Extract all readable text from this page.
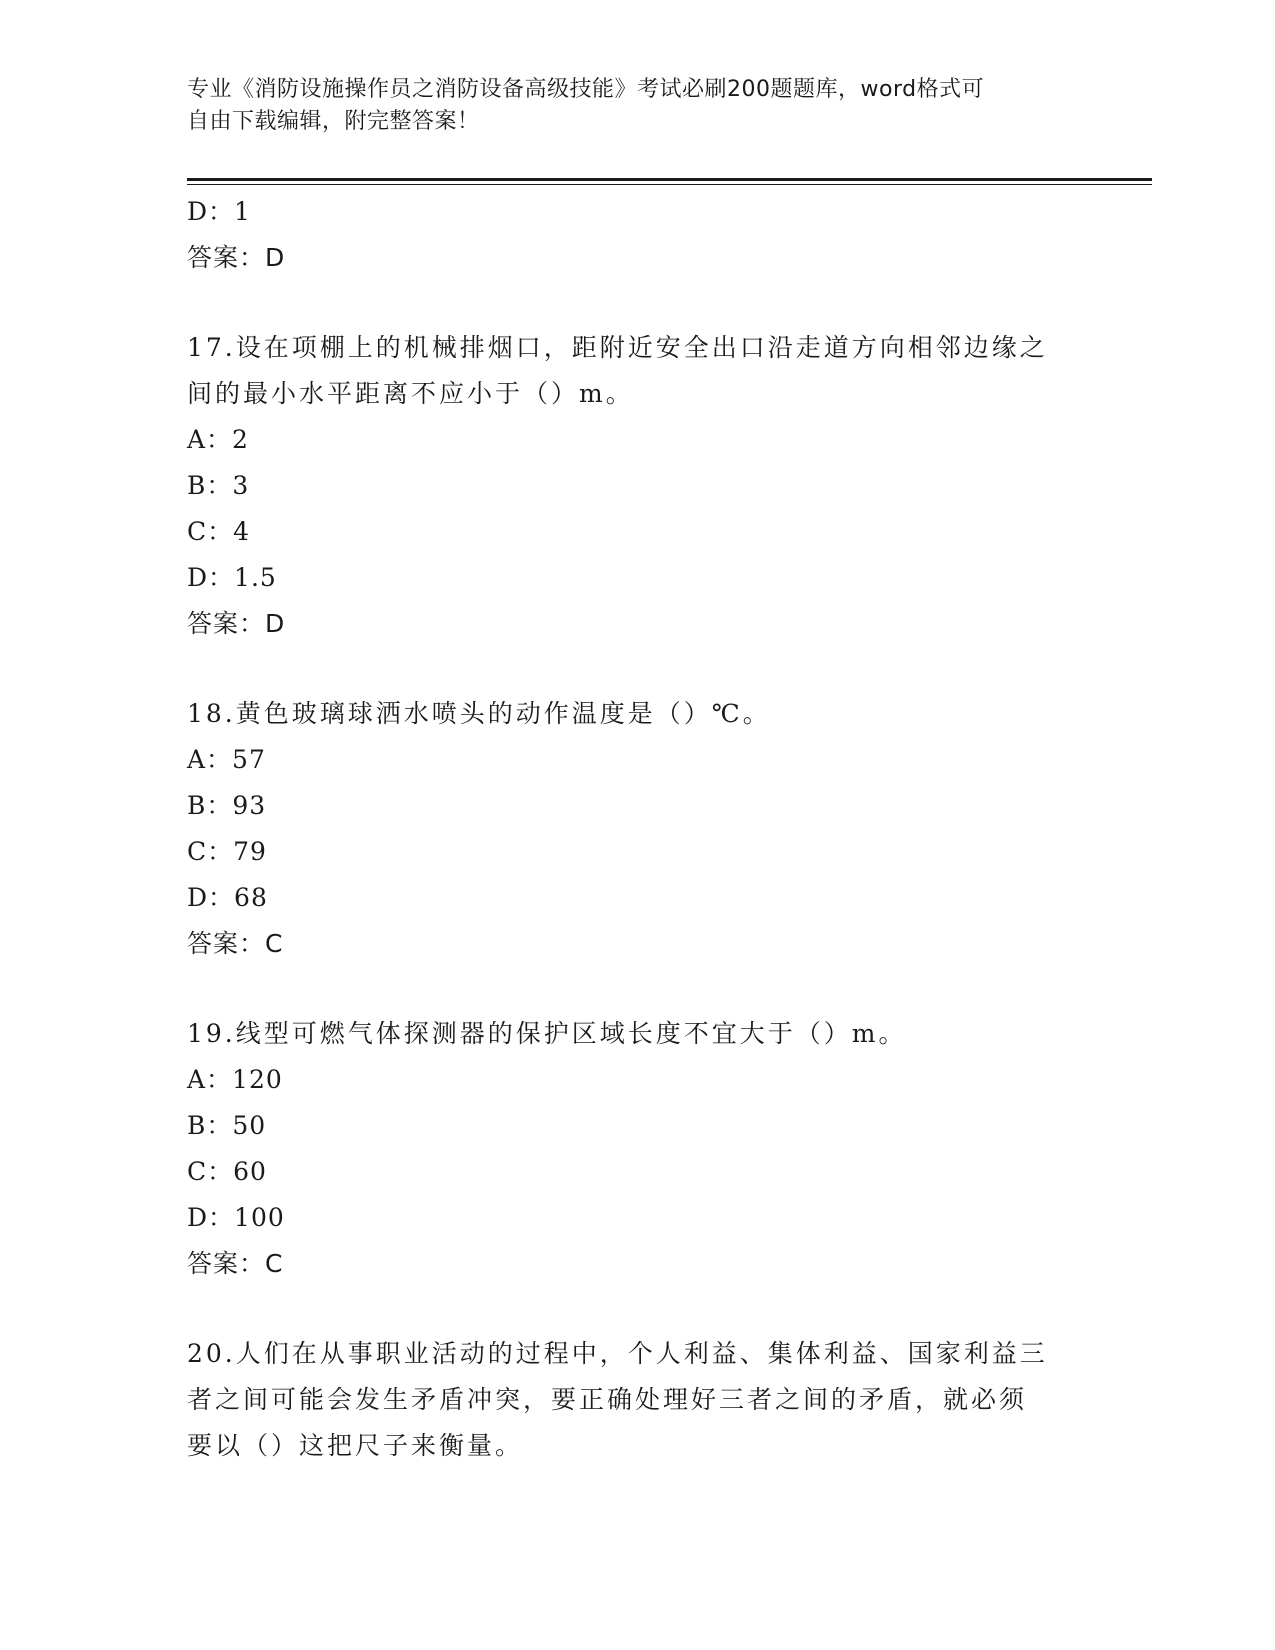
专业《消防设施操作员之消防设备高级技能》考试必刷200题题库，word格式可
自由下载编辑，附完整答案！
D：1
答案：D
17.设在项棚上的机械排烟口，距附近安全出口沿走道方向相邻边缘之
间的最小水平距离不应小于（）m。
A：2
B：3
C：4
D：1.5
答案：D
18.黄色玻璃球洒水喷头的动作温度是（）℃。
A：57
B：93
C：79
D：68
答案：C
19.线型可燃气体探测器的保护区域长度不宜大于（）m。
A：120
B：50
C：60
D：100
答案：C
20.人们在从事职业活动的过程中，个人利益、集体利益、国家利益三
者之间可能会发生矛盾冲突，要正确处理好三者之间的矛盾，就必须
要以（）这把尺子来衡量。
